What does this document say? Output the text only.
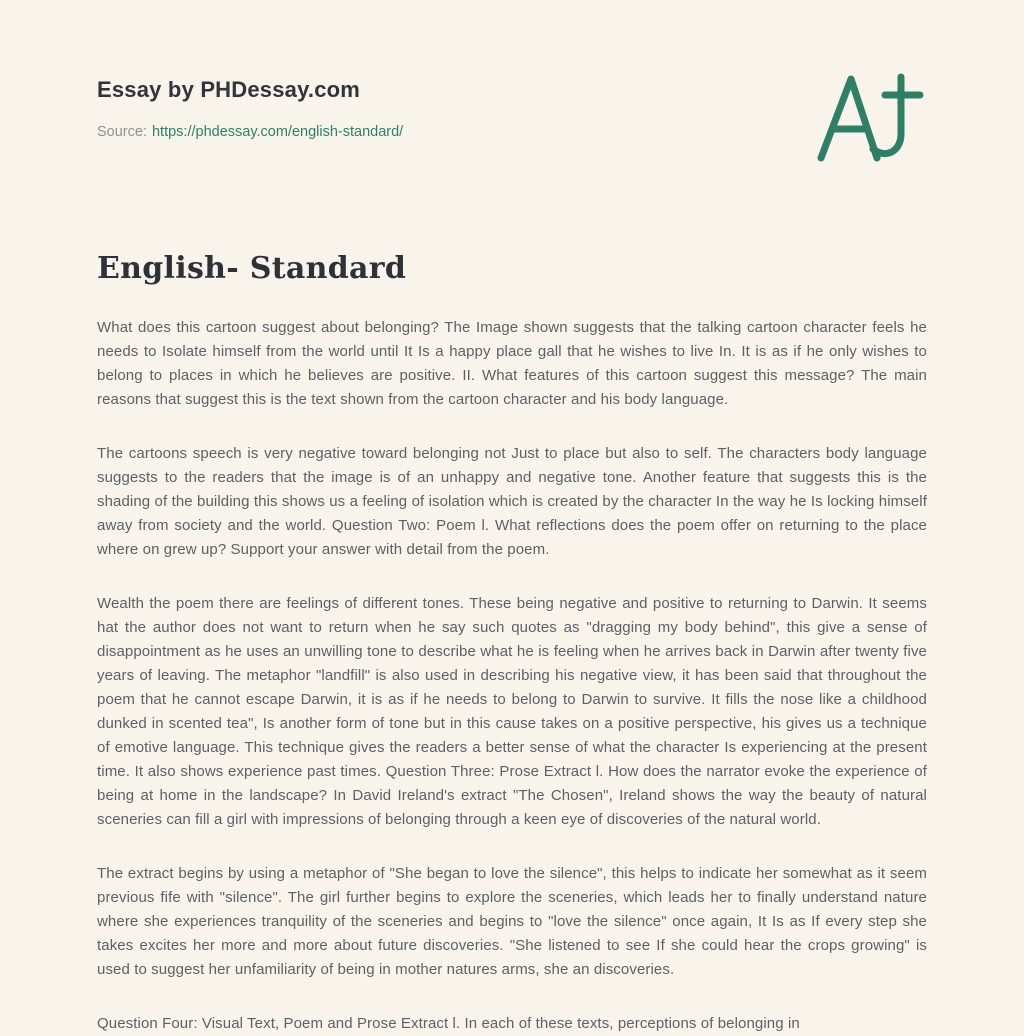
Essay by PHDessay.com
Source: https://phdessay.com/english-standard/
English- Standard

What does this cartoon suggest about belonging? The Image shown suggests that the talking cartoon character feels he needs to Isolate himself from the world until It Is a happy place gall that he wishes to live In. It is as if he only wishes to belong to places in which he believes are positive. II. What features of this cartoon suggest this message? The main reasons that suggest this is the text shown from the cartoon character and his body language.

The cartoons speech is very negative toward belonging not Just to place but also to self. The characters body language suggests to the readers that the image is of an unhappy and negative tone. Another feature that suggests this is the shading of the building this shows us a feeling of isolation which is created by the character In the way he Is locking himself away from society and the world. Question Two: Poem l. What reflections does the poem offer on returning to the place where on grew up? Support your answer with detail from the poem.

Wealth the poem there are feelings of different tones. These being negative and positive to returning to Darwin. It seems hat the author does not want to return when he say such quotes as "dragging my body behind", this give a sense of disappointment as he uses an unwilling tone to describe what he is feeling when he arrives back in Darwin after twenty five years of leaving. The metaphor "landfill" is also used in describing his negative view, it has been said that throughout the poem that he cannot escape Darwin, it is as if he needs to belong to Darwin to survive. It fills the nose like a childhood dunked in scented tea", Is another form of tone but in this cause takes on a positive perspective, his gives us a technique of emotive language. This technique gives the readers a better sense of what the character Is experiencing at the present time. It also shows experience past times. Question Three: Prose Extract l. How does the narrator evoke the experience of being at home in the landscape? In David Ireland's extract "The Chosen", Ireland shows the way the beauty of natural sceneries can fill a girl with impressions of belonging through a keen eye of discoveries of the natural world.

The extract begins by using a metaphor of "She began to love the silence", this helps to indicate her somewhat as it seem previous fife with "silence". The girl further begins to explore the sceneries, which leads her to finally understand nature where she experiences tranquility of the sceneries and begins to "love the silence" once again, It Is as If every step she takes excites her more and more about future discoveries. "She listened to see If she could hear the crops growing" is used to suggest her unfamiliarity of being in mother natures arms, she an discoveries.

Question Four: Visual Text, Poem and Prose Extract l. In each of these texts, perceptions of belonging in
